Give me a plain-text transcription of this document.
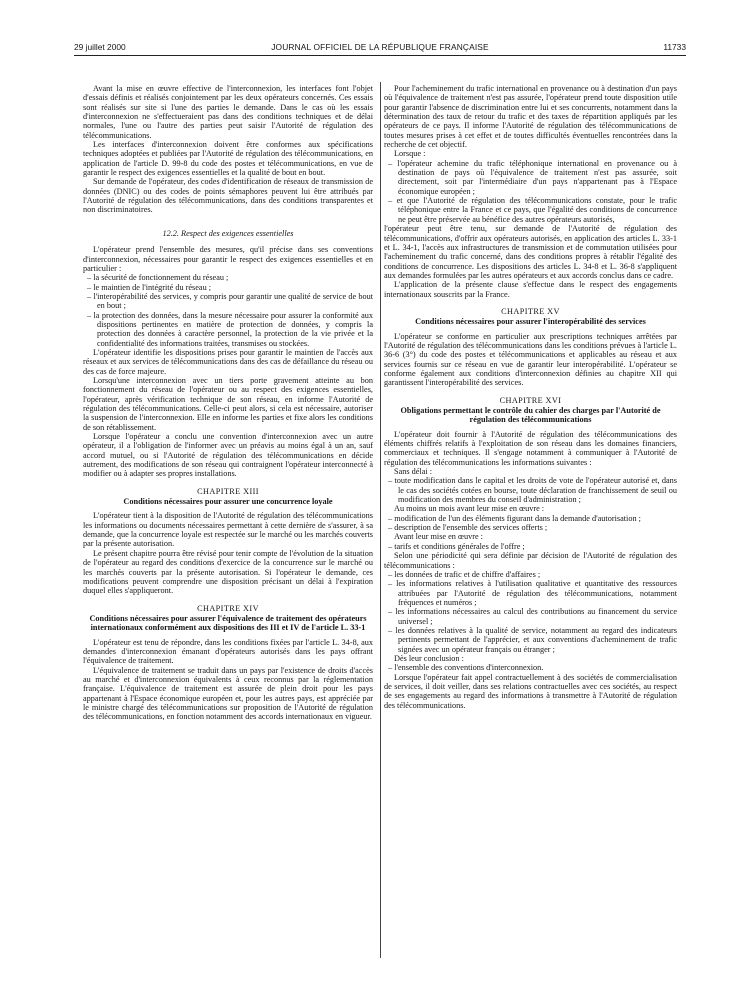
29 juillet 2000	JOURNAL OFFICIEL DE LA RÉPUBLIQUE FRANÇAISE	11733

Avant la mise en œuvre effective de l'interconnexion, les interfaces font l'objet d'essais définis et réalisés conjointement par les deux opérateurs concernés. Ces essais sont réalisés sur site si l'une des parties le demande. Dans le cas où les essais d'interconnexion ne s'effectueraient pas dans des conditions techniques et de délai normales, l'une ou l'autre des parties peut saisir l'Autorité de régulation des télécommunications.

Les interfaces d'interconnexion doivent être conformes aux spécifications techniques adoptées et publiées par l'Autorité de régulation des télécommunications, en application de l'article D. 99-8 du code des postes et télécommunications, en vue de garantir le respect des exigences essentielles et la qualité de bout en bout.

Sur demande de l'opérateur, des codes d'identification de réseaux de transmission de données (DNIC) ou des codes de points sémaphores peuvent lui être attribués par l'Autorité de régulation des télécommunications, dans des conditions transparentes et non discriminatoires.

12.2. Respect des exigences essentielles

L'opérateur prend l'ensemble des mesures, qu'il précise dans ses conventions d'interconnexion, nécessaires pour garantir le respect des exigences essentielles et en particulier :

– la sécurité de fonctionnement du réseau ;
– le maintien de l'intégrité du réseau ;
– l'interopérabilité des services, y compris pour garantir une qualité de service de bout en bout ;
– la protection des données, dans la mesure nécessaire pour assurer la conformité aux dispositions pertinentes en matière de protection de données, y compris la protection des données à caractère personnel, la protection de la vie privée et la confidentialité des informations traitées, transmises ou stockées.

L'opérateur identifie les dispositions prises pour garantir le maintien de l'accès aux réseaux et aux services de télécommunications dans des cas de défaillance du réseau ou des cas de force majeure.

Lorsqu'une interconnexion avec un tiers porte gravement atteinte au bon fonctionnement du réseau de l'opérateur ou au respect des exigences essentielles, l'opérateur, après vérification technique de son réseau, en informe l'Autorité de régulation des télécommunications. Celle-ci peut alors, si cela est nécessaire, autoriser la suspension de l'interconnexion. Elle en informe les parties et fixe alors les conditions de son rétablissement.

Lorsque l'opérateur a conclu une convention d'interconnexion avec un autre opérateur, il a l'obligation de l'informer avec un préavis au moins égal à un an, sauf accord mutuel, ou si l'Autorité de régulation des télécommunications en décide autrement, des modifications de son réseau qui contraignent l'opérateur interconnecté à modifier ou à adapter ses propres installations.

CHAPITRE XIII
Conditions nécessaires pour assurer une concurrence loyale

L'opérateur tient à la disposition de l'Autorité de régulation des télécommunications les informations ou documents nécessaires permettant à cette dernière de s'assurer, à sa demande, que la concurrence loyale est respectée sur le marché ou les marchés couverts par la présente autorisation.

Le présent chapitre pourra être révisé pour tenir compte de l'évolution de la situation de l'opérateur au regard des conditions d'exercice de la concurrence sur le marché ou les marchés couverts par la présente autorisation. Si l'opérateur le demande, ces modifications peuvent comprendre une disposition précisant un délai à l'expiration duquel elles s'appliqueront.

CHAPITRE XIV
Conditions nécessaires pour assurer l'équivalence de traitement des opérateurs internationaux conformément aux dispositions des III et IV de l'article L. 33-1

L'opérateur est tenu de répondre, dans les conditions fixées par l'article L. 34-8, aux demandes d'interconnexion émanant d'opérateurs autorisés dans les pays offrant l'équivalence de traitement.

L'équivalence de traitement se traduit dans un pays par l'existence de droits d'accès au marché et d'interconnexion équivalents à ceux reconnus par la réglementation française. L'équivalence de traitement est assurée de plein droit pour les pays appartenant à l'Espace économique européen et, pour les autres pays, est appréciée par le ministre chargé des télécommunications sur proposition de l'Autorité de régulation des télécommunications, en fonction notamment des accords internationaux en vigueur.

Pour l'acheminement du trafic international en provenance ou à destination d'un pays où l'équivalence de traitement n'est pas assurée, l'opérateur prend toute disposition utile pour garantir l'absence de discrimination entre lui et ses concurrents, notamment dans la détermination des taux de retour du trafic et des taxes de répartition appliqués par les opérateurs de ce pays. Il informe l'Autorité de régulation des télécommunications de toutes mesures prises à cet effet et de toutes difficultés éventuelles rencontrées dans la recherche de cet objectif.

Lorsque :

– l'opérateur achemine du trafic téléphonique international en provenance ou à destination de pays où l'équivalence de traitement n'est pas assurée, soit directement, soit par l'intermédiaire d'un pays n'appartenant pas à l'Espace économique européen ;
– et que l'Autorité de régulation des télécommunications constate, pour le trafic téléphonique entre la France et ce pays, que l'égalité des conditions de concurrence ne peut être préservée au bénéfice des autres opérateurs autorisés,

l'opérateur peut être tenu, sur demande de l'Autorité de régulation des télécommunications, d'offrir aux opérateurs autorisés, en application des articles L. 33-1 et L. 34-1, l'accès aux infrastructures de transmission et de commutation utilisées pour l'acheminement du trafic concerné, dans des conditions propres à rétablir l'égalité des conditions de concurrence. Les dispositions des articles L. 34-8 et L. 36-8 s'appliquent aux demandes formulées par les autres opérateurs et aux accords conclus dans ce cadre.

L'application de la présente clause s'effectue dans le respect des engagements internationaux souscrits par la France.

CHAPITRE XV
Conditions nécessaires pour assurer l'interopérabilité des services

L'opérateur se conforme en particulier aux prescriptions techniques arrêtées par l'Autorité de régulation des télécommunications dans les conditions prévues à l'article L. 36-6 (3°) du code des postes et télécommunications et applicables au réseau et aux services fournis sur ce réseau en vue de garantir leur interopérabilité. L'opérateur se conforme également aux conditions d'interconnexion définies au chapitre XII qui garantissent l'interopérabilité des services.

CHAPITRE XVI
Obligations permettant le contrôle du cahier des charges par l'Autorité de régulation des télécommunications

L'opérateur doit fournir à l'Autorité de régulation des télécommunications des éléments chiffrés relatifs à l'exploitation de son réseau dans les domaines financiers, commerciaux et techniques. Il s'engage notamment à communiquer à l'Autorité de régulation des télécommunications les informations suivantes :

Sans délai :

– toute modification dans le capital et les droits de vote de l'opérateur autorisé et, dans le cas des sociétés cotées en bourse, toute déclaration de franchissement de seuil ou modification des membres du conseil d'administration ;

Au moins un mois avant leur mise en œuvre :

– modification de l'un des éléments figurant dans la demande d'autorisation ;
– description de l'ensemble des services offerts ;

Avant leur mise en œuvre :

– tarifs et conditions générales de l'offre ;

Selon une périodicité qui sera définie par décision de l'Autorité de régulation des télécommunications :

– les données de trafic et de chiffre d'affaires ;
– les informations relatives à l'utilisation qualitative et quantitative des ressources attribuées par l'Autorité de régulation des télécommunications, notamment fréquences et numéros ;
– les informations nécessaires au calcul des contributions au financement du service universel ;
– les données relatives à la qualité de service, notamment au regard des indicateurs pertinents permettant de l'apprécier, et aux conventions d'acheminement de trafic signées avec un opérateur français ou étranger ;

Dès leur conclusion :

– l'ensemble des conventions d'interconnexion.

Lorsque l'opérateur fait appel contractuellement à des sociétés de commercialisation de services, il doit veiller, dans ses relations contractuelles avec ces sociétés, au respect de ses engagements au regard des informations à transmettre à l'Autorité de régulation des télécommunications.
